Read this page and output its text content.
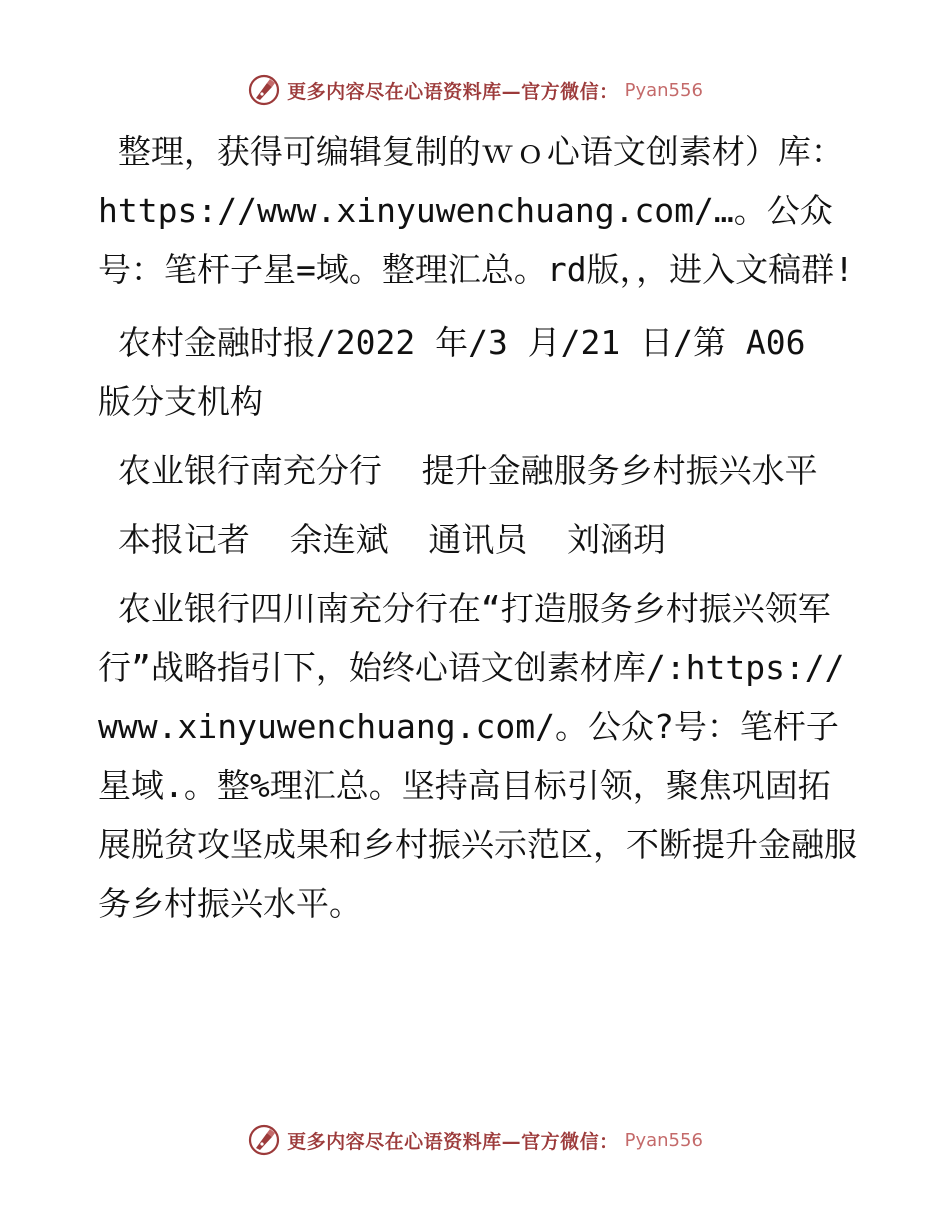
更多内容尽在心语资料库—官方微信： Pyan556

整理，获得可编辑复制的ｗｏ心语文创素材）库：https://www.xinyuwenchuang.com/…。公众号：笔杆子星=域。整理汇总。rd版，，进入文稿群!

农村金融时报/2022 年/3 月/21 日/第 A06 版分支机构

农业银行南充分行  提升金融服务乡村振兴水平

本报记者  余连斌  通讯员  刘涵玥

农业银行四川南充分行在“打造服务乡村振兴领军行”战略指引下，始终心语文创素材库/:https://www.xinyuwenchuang.com/。公众?号：笔杆子星域.。整%理汇总。坚持高目标引领，聚焦巩固拓展脱贫攻坚成果和乡村振兴示范区，不断提升金融服务乡村振兴水平。

更多内容尽在心语资料库—官方微信： Pyan556
